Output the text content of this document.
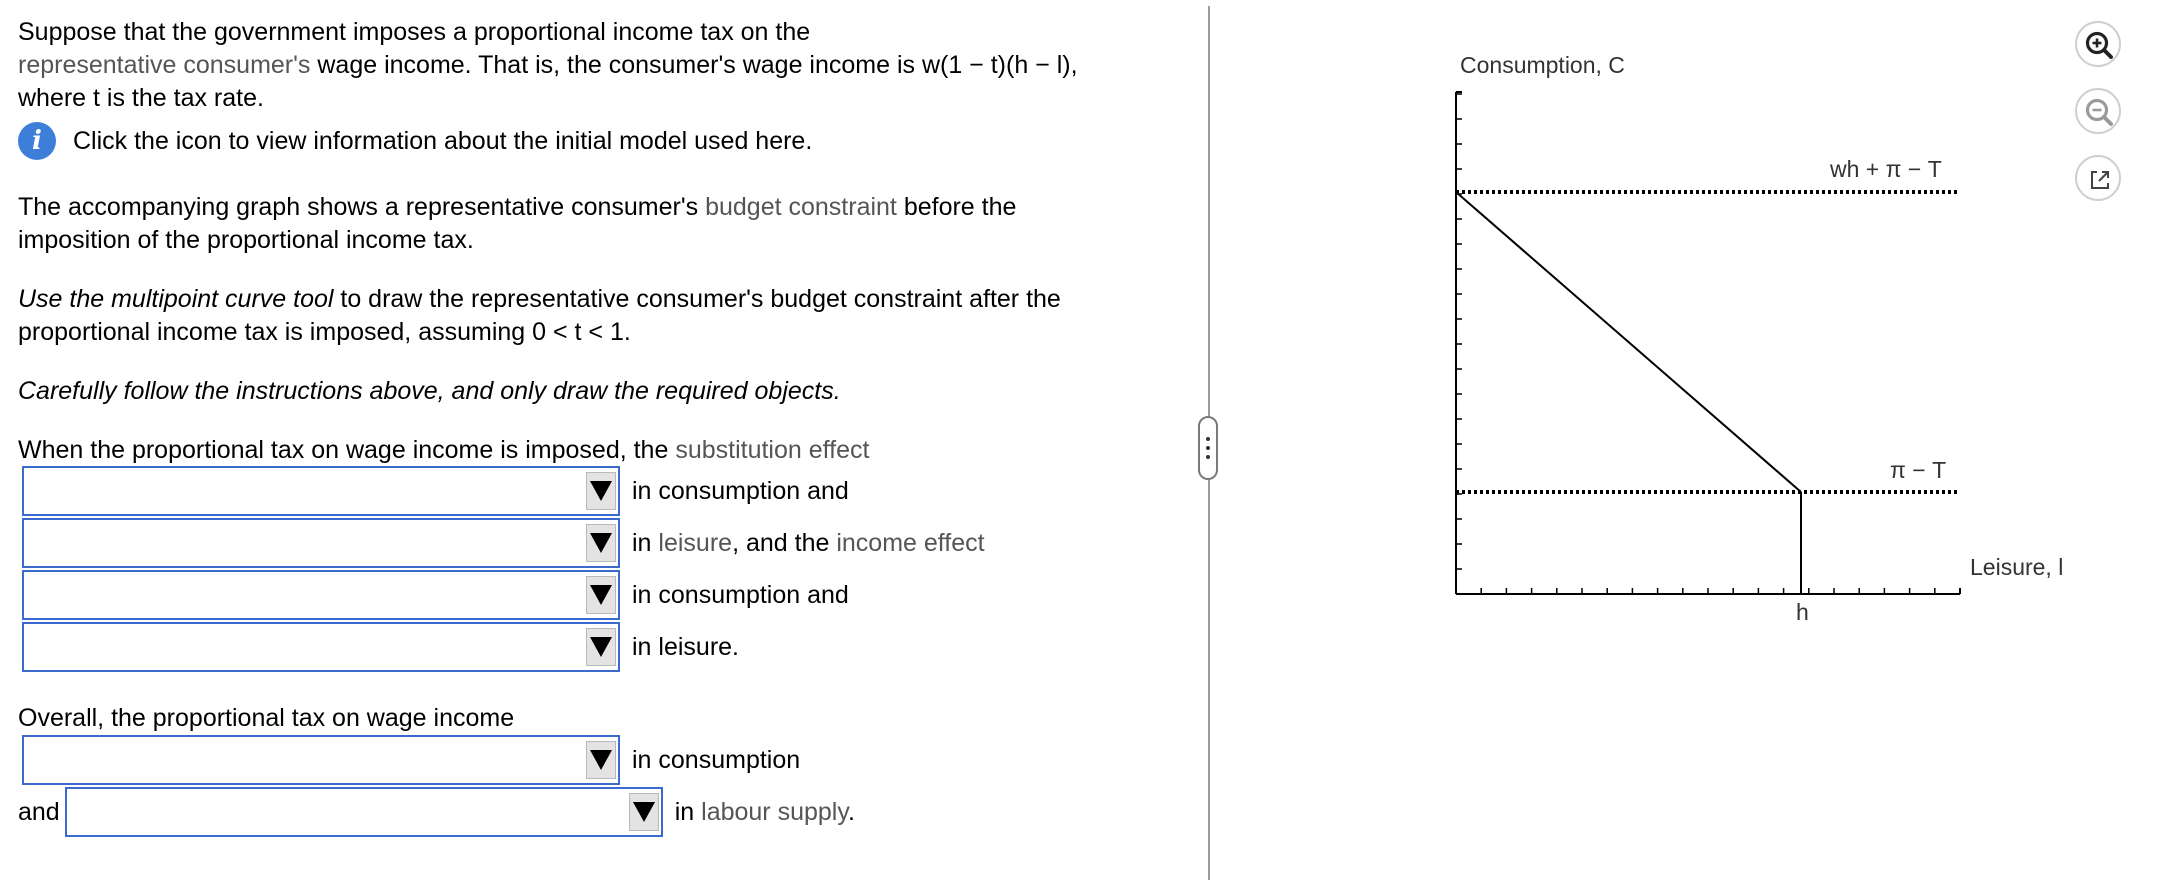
Suppose that the government imposes a proportional income tax on the
representative consumer's wage income. That is, the consumer's wage income is w(1 − t)(h − l),
where t is the tax rate.

i	Click the icon to view information about the initial model used here.

The accompanying graph shows a representative consumer's budget constraint before the
imposition of the proportional income tax.

Use the multipoint curve tool to draw the representative consumer's budget constraint after the
proportional income tax is imposed, assuming 0 < t < 1.

Carefully follow the instructions above, and only draw the required objects.

When the proportional tax on wage income is imposed, the substitution effect

in consumption and
in leisure, and the income effect
in consumption and
in leisure.

Overall, the proportional tax on wage income

in consumption
and	in labour supply.
Consumption, C
wh + π − T
π − T
h
Leisure, l
